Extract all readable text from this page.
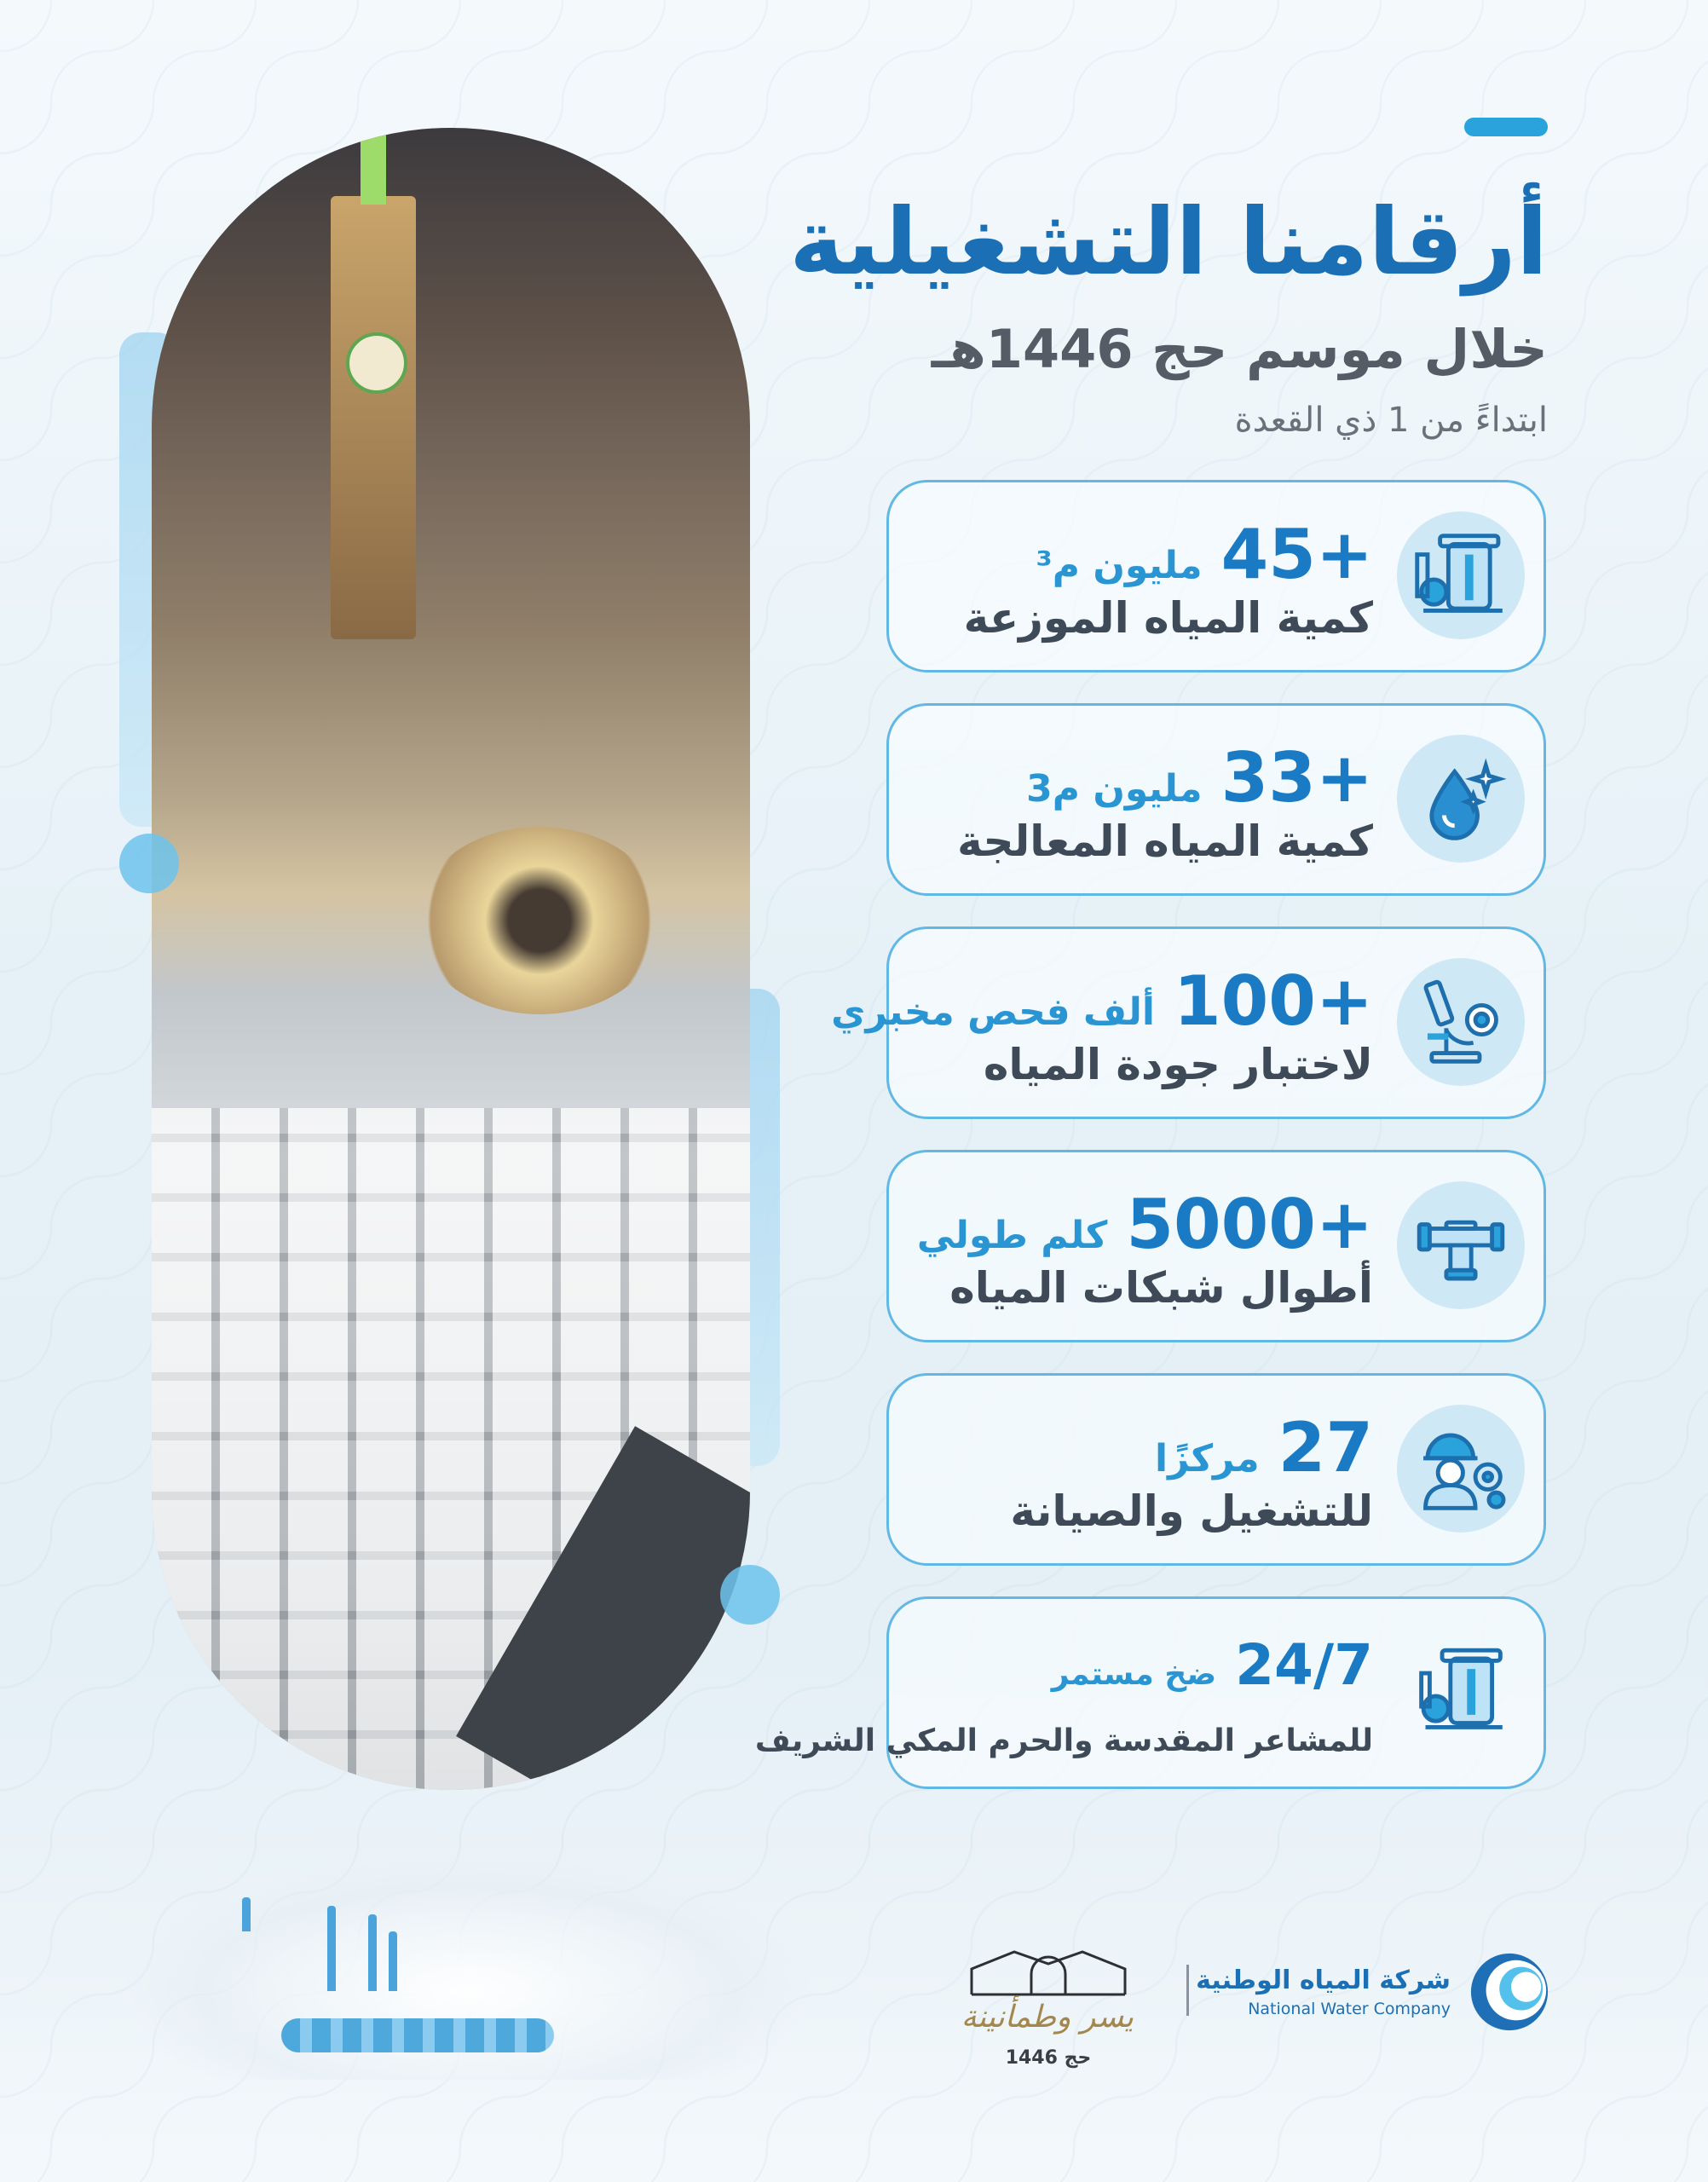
أرقامنا التشغيلية
خلال موسم حج 1446هـ
ابتداءً من 1 ذي القعدة
+45
مليون م³
كمية المياه الموزعة
+33
مليون م3
كمية المياه المعالجة
+100
ألف فحص مخبري
لاختبار جودة المياه
+5000
كلم طولي
أطوال شبكات المياه
27
مركزًا
للتشغيل والصيانة
24/7
ضخ مستمر
للمشاعر المقدسة والحرم المكي الشريف
يسر وطمأنينة
حج 1446
شركة المياه الوطنية
National Water Company
